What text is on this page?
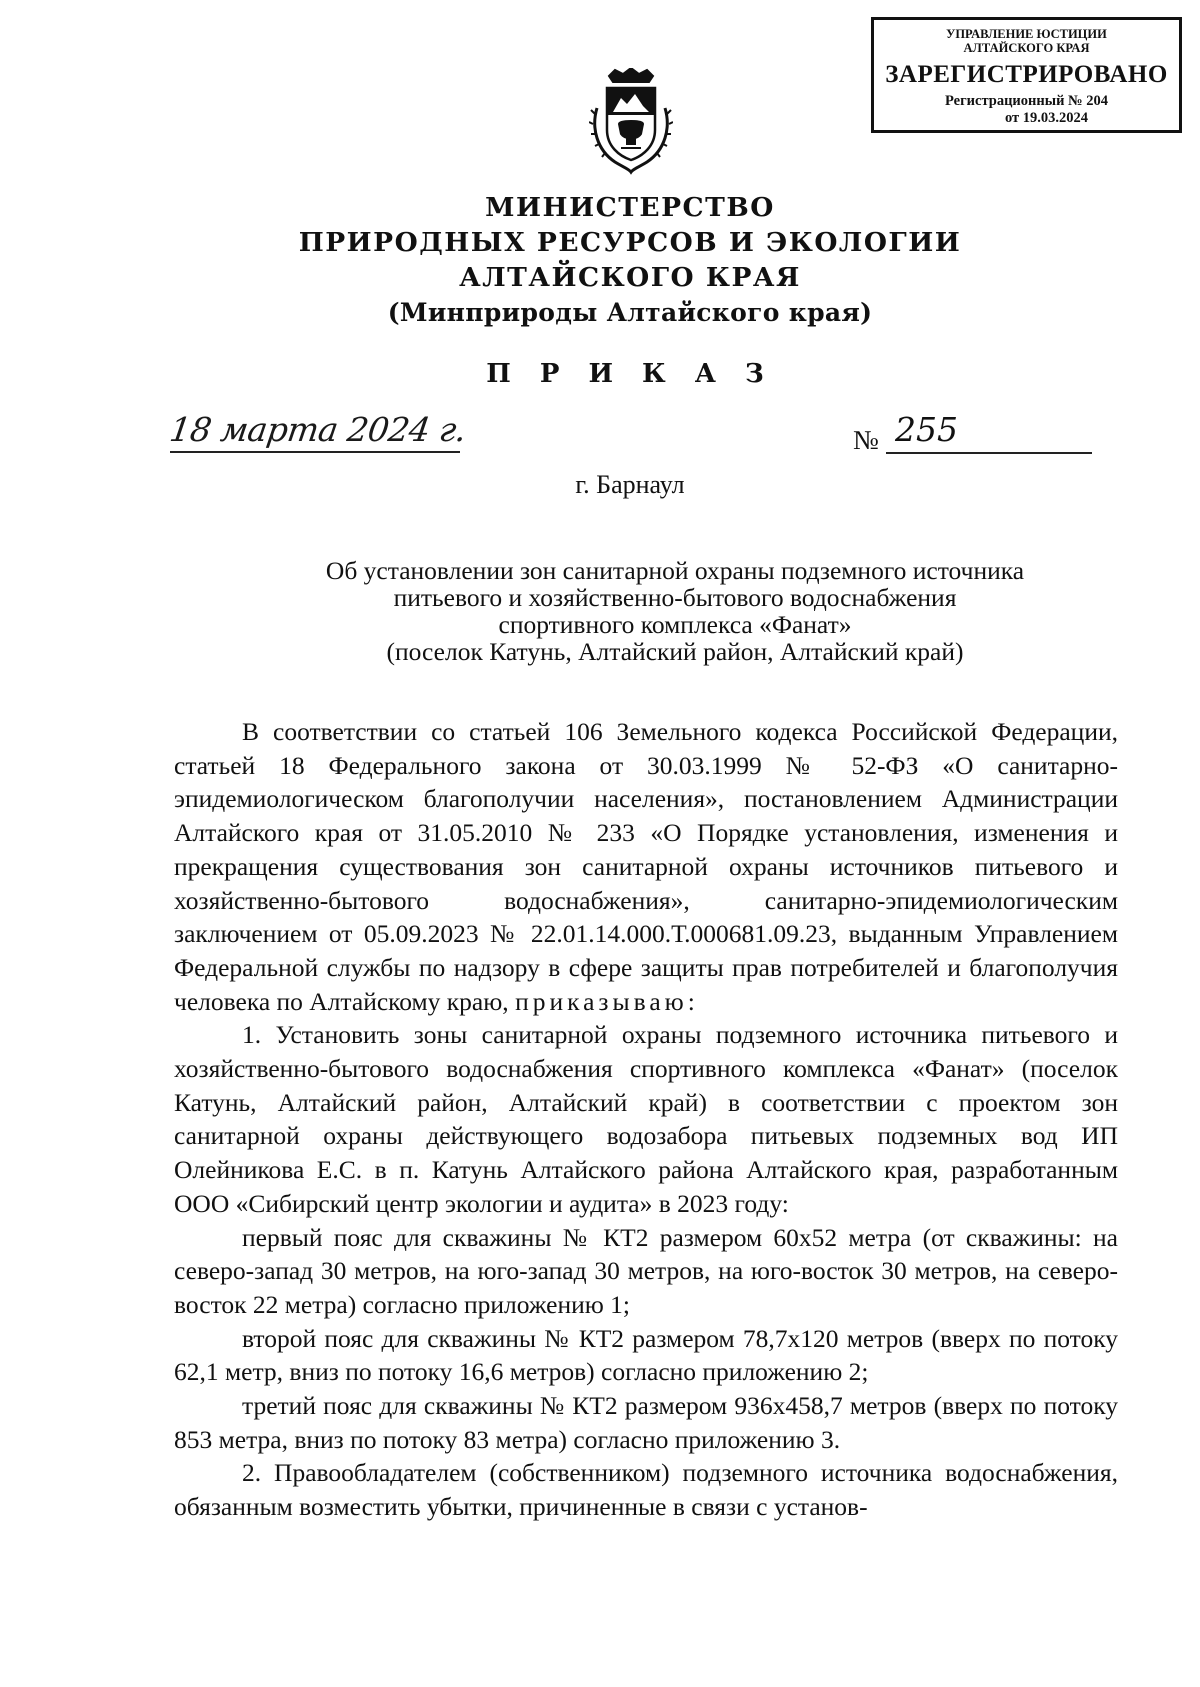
УПРАВЛЕНИЕ ЮСТИЦИИ
АЛТАЙСКОГО КРАЯ
ЗАРЕГИСТРИРОВАНО
Регистрационный № 204
от 19.03.2024
МИНИСТЕРСТВО
ПРИРОДНЫХ РЕСУРСОВ И ЭКОЛОГИИ
АЛТАЙСКОГО КРАЯ
(Минприроды Алтайского края)
П Р И К А З
18 марта 2024 г.	№ 255
г. Барнаул
Об установлении зон санитарной охраны подземного источника
питьевого и хозяйственно-бытового водоснабжения
спортивного комплекса «Фанат»
(поселок Катунь, Алтайский район, Алтайский край)

В соответствии со статьей 106 Земельного кодекса Российской Федерации, статьей 18 Федерального закона от 30.03.1999 № 52-ФЗ «О санитарно-эпидемиологическом благополучии населения», постановлением Администрации Алтайского края от 31.05.2010 № 233 «О Порядке установления, изменения и прекращения существования зон санитарной охраны источников питьевого и хозяйственно-бытового водоснабжения», санитарно-эпидемиологическим заключением от 05.09.2023 № 22.01.14.000.Т.000681.09.23, выданным Управлением Федеральной службы по надзору в сфере защиты прав потребителей и благополучия человека по Алтайскому краю, приказываю:

1. Установить зоны санитарной охраны подземного источника питьевого и хозяйственно-бытового водоснабжения спортивного комплекса «Фанат» (поселок Катунь, Алтайский район, Алтайский край) в соответствии с проектом зон санитарной охраны действующего водозабора питьевых подземных вод ИП Олейникова Е.С. в п. Катунь Алтайского района Алтайского края, разработанным ООО «Сибирский центр экологии и аудита» в 2023 году:

первый пояс для скважины № КТ2 размером 60х52 метра (от скважины: на северо-запад 30 метров, на юго-запад 30 метров, на юго-восток 30 метров, на северо-восток 22 метра) согласно приложению 1;

второй пояс для скважины № КТ2 размером 78,7х120 метров (вверх по потоку 62,1 метр, вниз по потоку 16,6 метров) согласно приложению 2;

третий пояс для скважины № КТ2 размером 936х458,7 метров (вверх по потоку 853 метра, вниз по потоку 83 метра) согласно приложению 3.

2. Правообладателем (собственником) подземного источника водоснабжения, обязанным возместить убытки, причиненные в связи с установ-
